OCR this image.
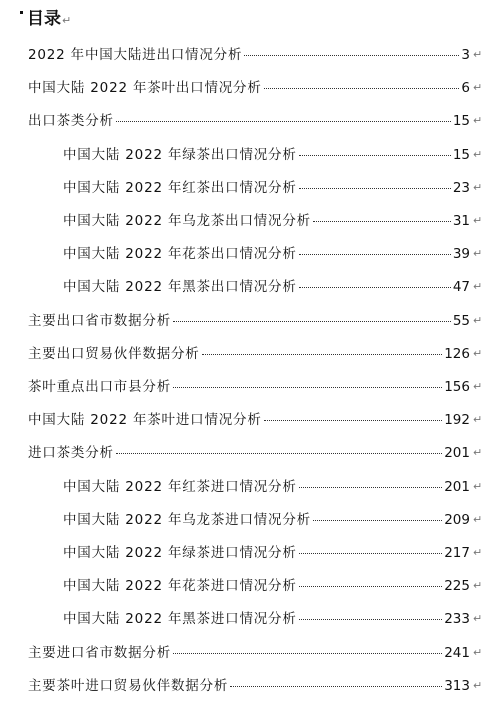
目录↵
2022 年中国大陆进出口情况分析	3 ↵
中国大陆 2022 年茶叶出口情况分析	6 ↵
出口茶类分析	15 ↵
中国大陆 2022 年绿茶出口情况分析	15 ↵
中国大陆 2022 年红茶出口情况分析	23 ↵
中国大陆 2022 年乌龙茶出口情况分析	31 ↵
中国大陆 2022 年花茶出口情况分析	39 ↵
中国大陆 2022 年黑茶出口情况分析	47 ↵
主要出口省市数据分析	55 ↵
主要出口贸易伙伴数据分析	126 ↵
茶叶重点出口市县分析	156 ↵
中国大陆 2022 年茶叶进口情况分析	192 ↵
进口茶类分析	201 ↵
中国大陆 2022 年红茶进口情况分析	201 ↵
中国大陆 2022 年乌龙茶进口情况分析	209 ↵
中国大陆 2022 年绿茶进口情况分析	217 ↵
中国大陆 2022 年花茶进口情况分析	225 ↵
中国大陆 2022 年黑茶进口情况分析	233 ↵
主要进口省市数据分析	241 ↵
主要茶叶进口贸易伙伴数据分析	313 ↵
